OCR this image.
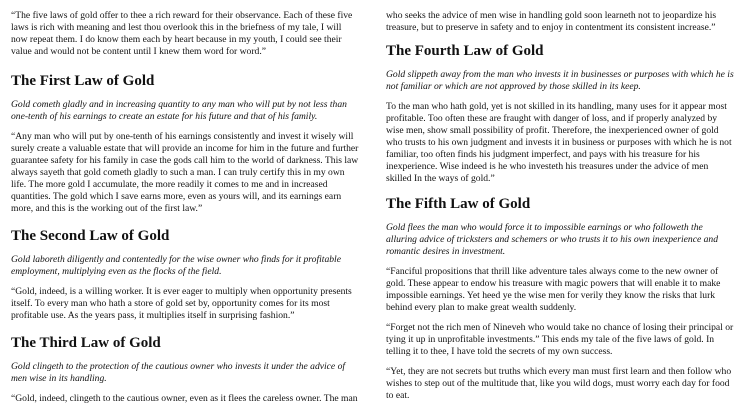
“The five laws of gold offer to thee a rich reward for their observance. Each of these five laws is rich with meaning and lest thou overlook this in the briefness of my tale, I will now repeat them. I do know them each by heart because in my youth, I could see their value and would not be content until I knew them word for word.”

The First Law of Gold

Gold cometh gladly and in increasing quantity to any man who will put by not less than one-tenth of his earnings to create an estate for his future and that of his family.

“Any man who will put by one-tenth of his earnings consistently and invest it wisely will surely create a valuable estate that will provide an income for him in the future and further guarantee safety for his family in case the gods call him to the world of darkness. This law always sayeth that gold cometh gladly to such a man. I can truly certify this in my own life. The more gold I accumulate, the more readily it comes to me and in increased quantities. The gold which I save earns more, even as yours will, and its earnings earn more, and this is the working out of the first law.”

The Second Law of Gold

Gold laboreth diligently and contentedly for the wise owner who finds for it profitable employment, multiplying even as the flocks of the field.

“Gold, indeed, is a willing worker. It is ever eager to multiply when opportunity presents itself. To every man who hath a store of gold set by, opportunity comes for its most profitable use. As the years pass, it multiplies itself in surprising fashion.”

The Third Law of Gold

Gold clingeth to the protection of the cautious owner who invests it under the advice of men wise in its handling.

“Gold, indeed, clingeth to the cautious owner, even as it flees the careless owner. The man

who seeks the advice of men wise in handling gold soon learneth not to jeopardize his treasure, but to preserve in safety and to enjoy in contentment its consistent increase.”

The Fourth Law of Gold

Gold slippeth away from the man who invests it in businesses or purposes with which he is not familiar or which are not approved by those skilled in its keep.

To the man who hath gold, yet is not skilled in its handling, many uses for it appear most profitable. Too often these are fraught with danger of loss, and if properly analyzed by wise men, show small possibility of profit. Therefore, the inexperienced owner of gold who trusts to his own judgment and invests it in business or purposes with which he is not familiar, too often finds his judgment imperfect, and pays with his treasure for his inexperience. Wise indeed is he who investeth his treasures under the advice of men skilled In the ways of gold.”

The Fifth Law of Gold

Gold flees the man who would force it to impossible earnings or who followeth the alluring advice of tricksters and schemers or who trusts it to his own inexperience and romantic desires in investment.

“Fanciful propositions that thrill like adventure tales always come to the new owner of gold. These appear to endow his treasure with magic powers that will enable it to make impossible earnings. Yet heed ye the wise men for verily they know the risks that lurk behind every plan to make great wealth suddenly.

“Forget not the rich men of Nineveh who would take no chance of losing their principal or tying it up in unprofitable investments.” This ends my tale of the five laws of gold. In telling it to thee, I have told the secrets of my own success.

“Yet, they are not secrets but truths which every man must first learn and then follow who wishes to step out of the multitude that, like you wild dogs, must worry each day for food to eat.
